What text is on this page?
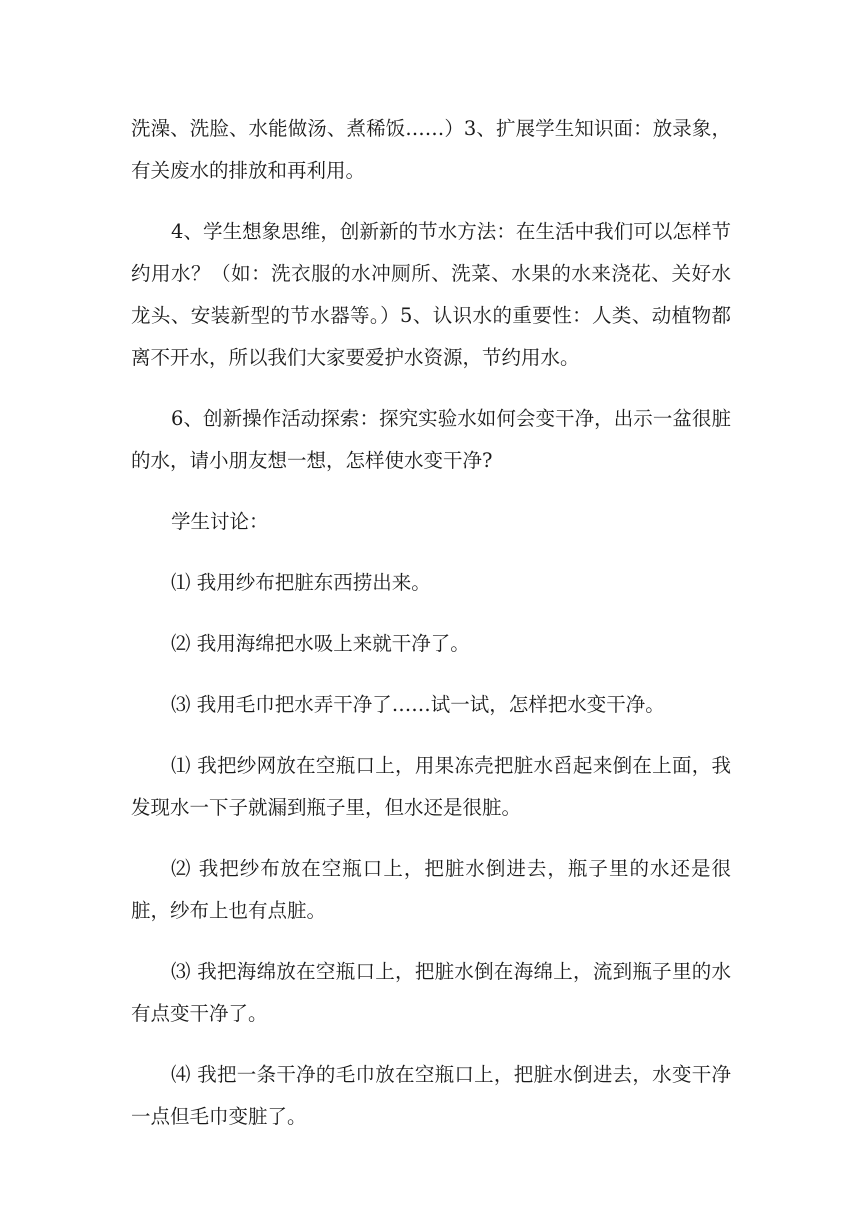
洗澡、洗脸、水能做汤、煮稀饭……）3、扩展学生知识面：放录象，有关废水的排放和再利用。

4、学生想象思维，创新新的节水方法：在生活中我们可以怎样节约用水？（如：洗衣服的水冲厕所、洗菜、水果的水来浇花、关好水龙头、安装新型的节水器等。）5、认识水的重要性：人类、动植物都离不开水，所以我们大家要爱护水资源，节约用水。

6、创新操作活动探索：探究实验水如何会变干净，出示一盆很脏的水，请小朋友想一想，怎样使水变干净?

学生讨论：

⑴ 我用纱布把脏东西捞出来。

⑵ 我用海绵把水吸上来就干净了。

⑶ 我用毛巾把水弄干净了……试一试，怎样把水变干净。

⑴ 我把纱网放在空瓶口上，用果冻壳把脏水舀起来倒在上面，我发现水一下子就漏到瓶子里，但水还是很脏。

⑵ 我把纱布放在空瓶口上，把脏水倒进去，瓶子里的水还是很脏，纱布上也有点脏。

⑶ 我把海绵放在空瓶口上，把脏水倒在海绵上，流到瓶子里的水有点变干净了。

⑷ 我把一条干净的毛巾放在空瓶口上，把脏水倒进去，水变干净一点但毛巾变脏了。
